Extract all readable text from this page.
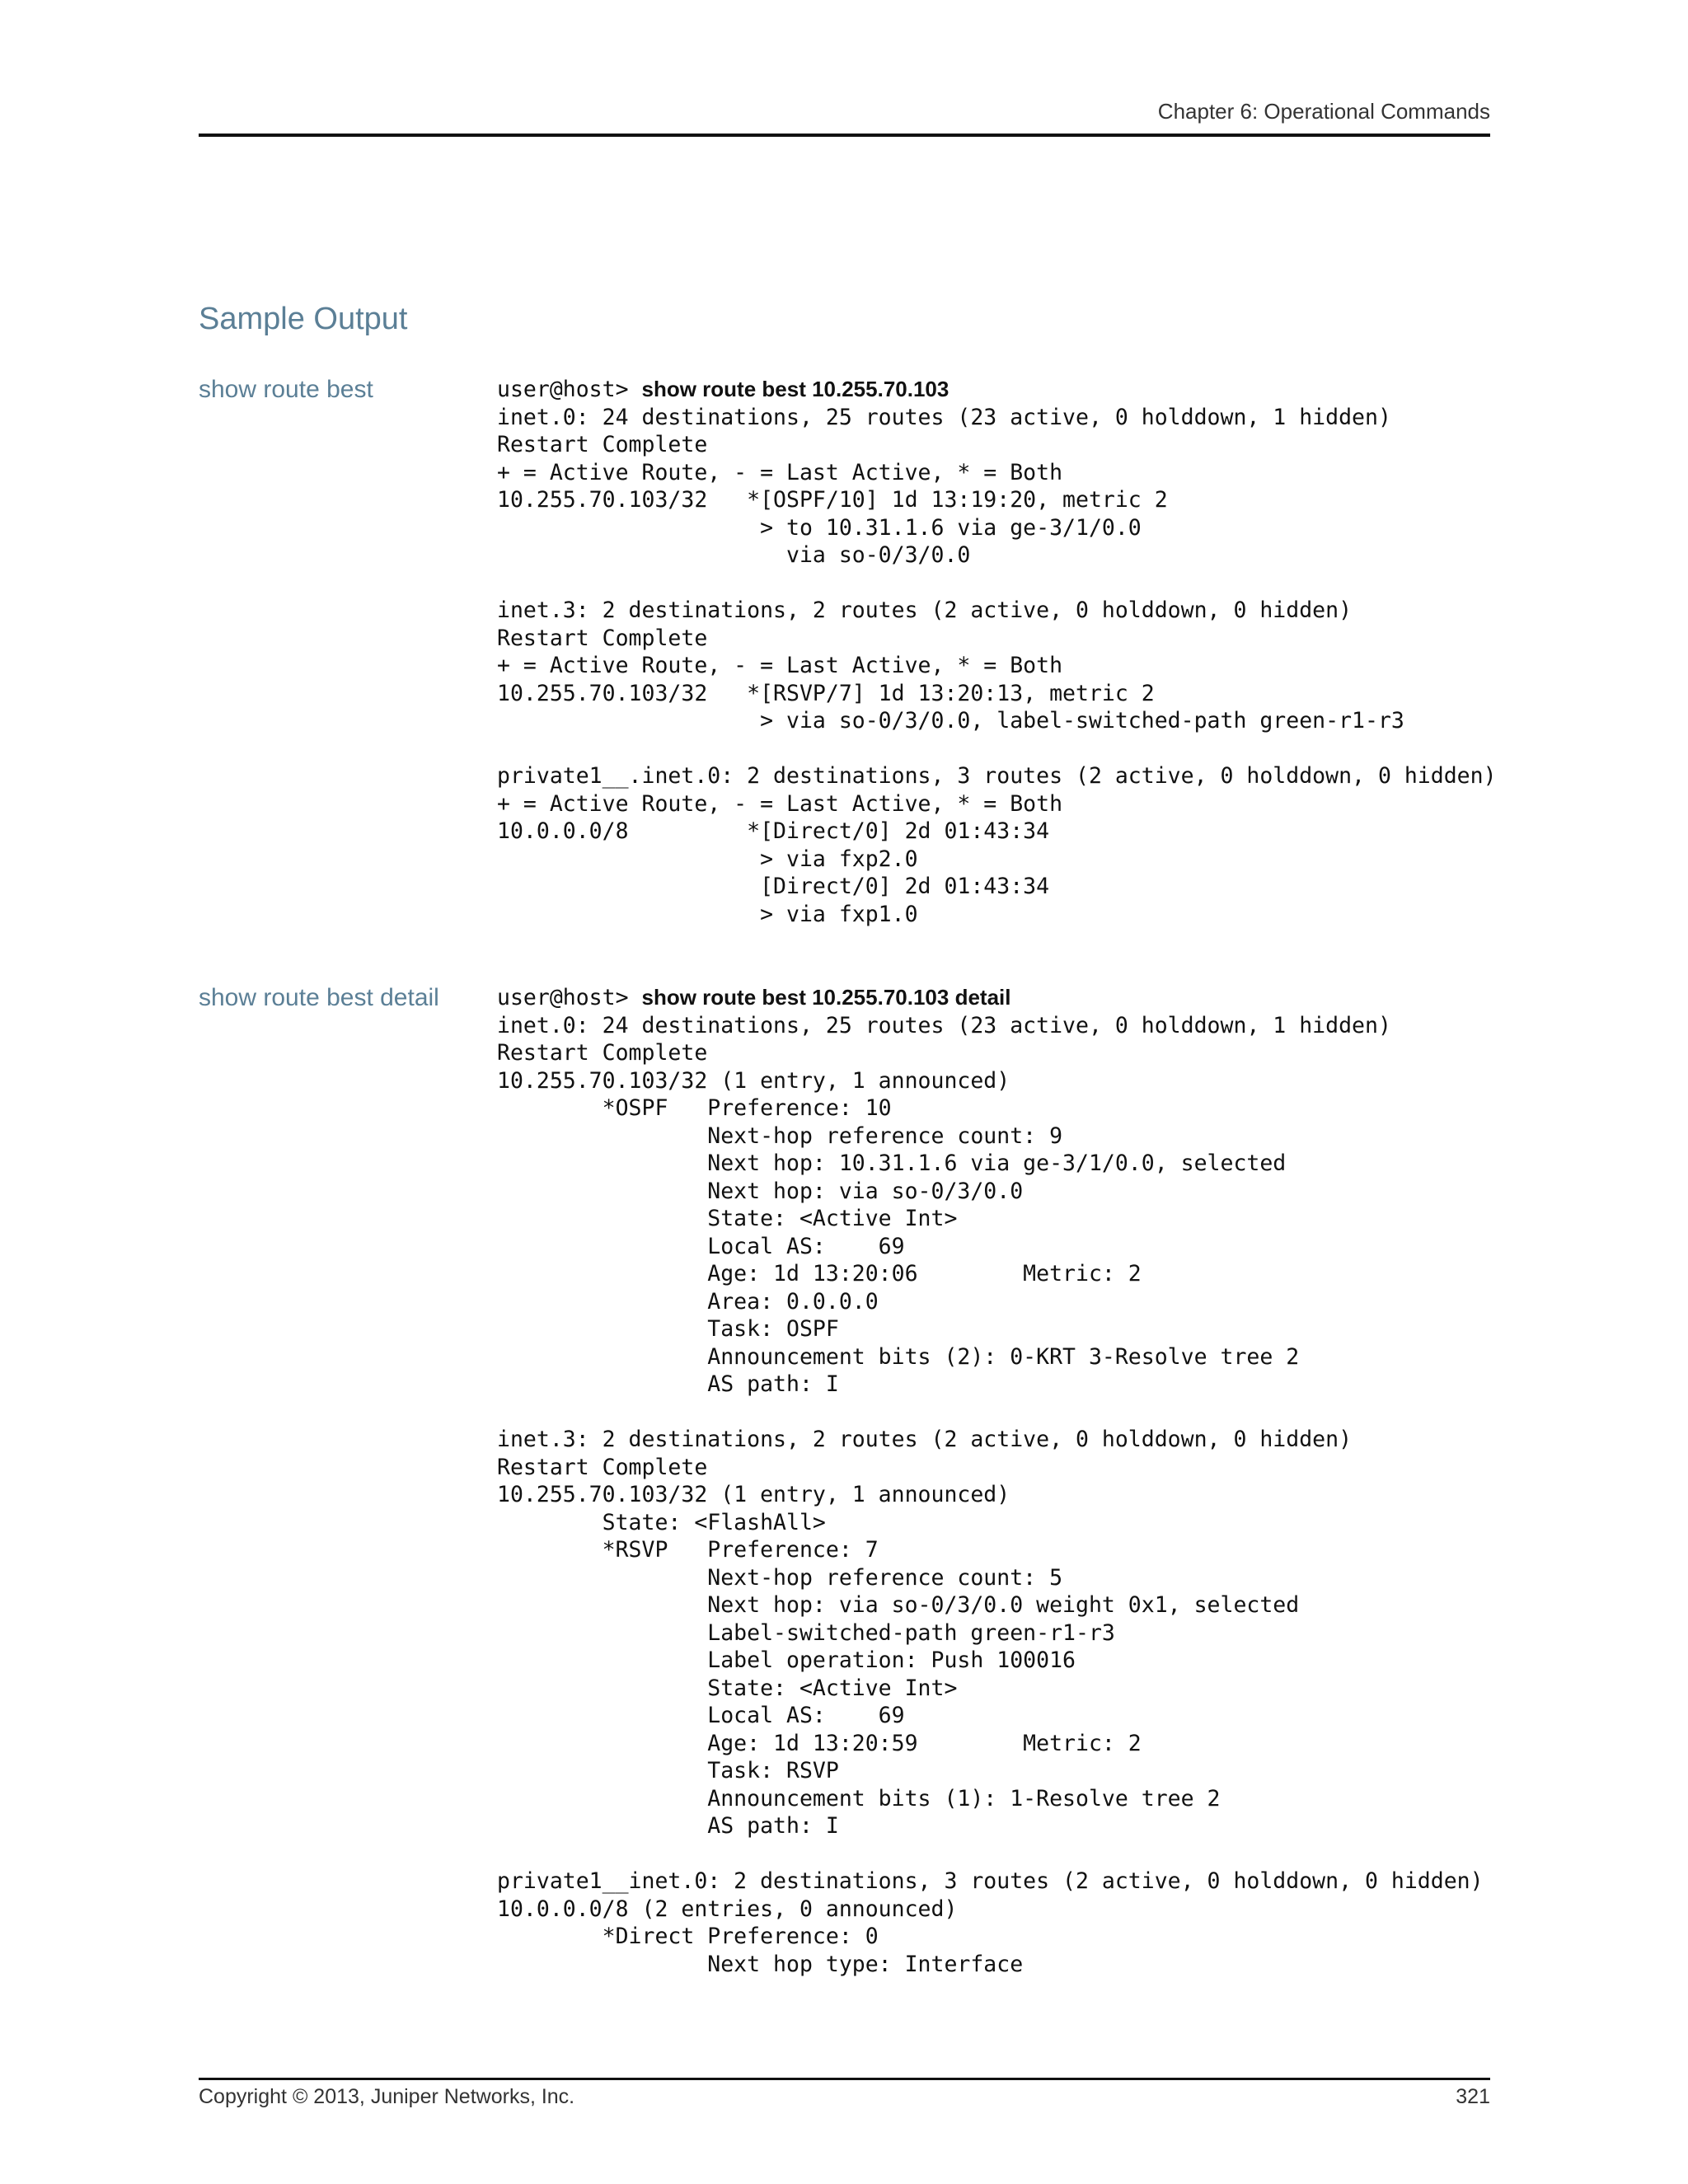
Chapter 6: Operational Commands
Sample Output
show route best	user@host> show route best 10.255.70.103
inet.0: 24 destinations, 25 routes (23 active, 0 holddown, 1 hidden)
Restart Complete
+ = Active Route, - = Last Active, * = Both
10.255.70.103/32   *[OSPF/10] 1d 13:19:20, metric 2
> to 10.31.1.6 via ge-3/1/0.0
via so-0/3/0.0

inet.3: 2 destinations, 2 routes (2 active, 0 holddown, 0 hidden)
Restart Complete
+ = Active Route, - = Last Active, * = Both
10.255.70.103/32   *[RSVP/7] 1d 13:20:13, metric 2
> via so-0/3/0.0, label-switched-path green-r1-r3

private1__.inet.0: 2 destinations, 3 routes (2 active, 0 holddown, 0 hidden)
+ = Active Route, - = Last Active, * = Both
10.0.0.0/8         *[Direct/0] 2d 01:43:34
> via fxp2.0
[Direct/0] 2d 01:43:34
> via fxp1.0
show route best detail	user@host> show route best 10.255.70.103 detail
inet.0: 24 destinations, 25 routes (23 active, 0 holddown, 1 hidden)
Restart Complete
10.255.70.103/32 (1 entry, 1 announced)
*OSPF   Preference: 10
Next-hop reference count: 9
Next hop: 10.31.1.6 via ge-3/1/0.0, selected
Next hop: via so-0/3/0.0
State: <Active Int>
Local AS:    69
Age: 1d 13:20:06        Metric: 2
Area: 0.0.0.0
Task: OSPF
Announcement bits (2): 0-KRT 3-Resolve tree 2
AS path: I

inet.3: 2 destinations, 2 routes (2 active, 0 holddown, 0 hidden)
Restart Complete
10.255.70.103/32 (1 entry, 1 announced)
State: <FlashAll>
*RSVP   Preference: 7
Next-hop reference count: 5
Next hop: via so-0/3/0.0 weight 0x1, selected
Label-switched-path green-r1-r3
Label operation: Push 100016
State: <Active Int>
Local AS:    69
Age: 1d 13:20:59        Metric: 2
Task: RSVP
Announcement bits (1): 1-Resolve tree 2
AS path: I

private1__inet.0: 2 destinations, 3 routes (2 active, 0 holddown, 0 hidden)
10.0.0.0/8 (2 entries, 0 announced)
*Direct Preference: 0
Next hop type: Interface
Copyright © 2013, Juniper Networks, Inc.	321
